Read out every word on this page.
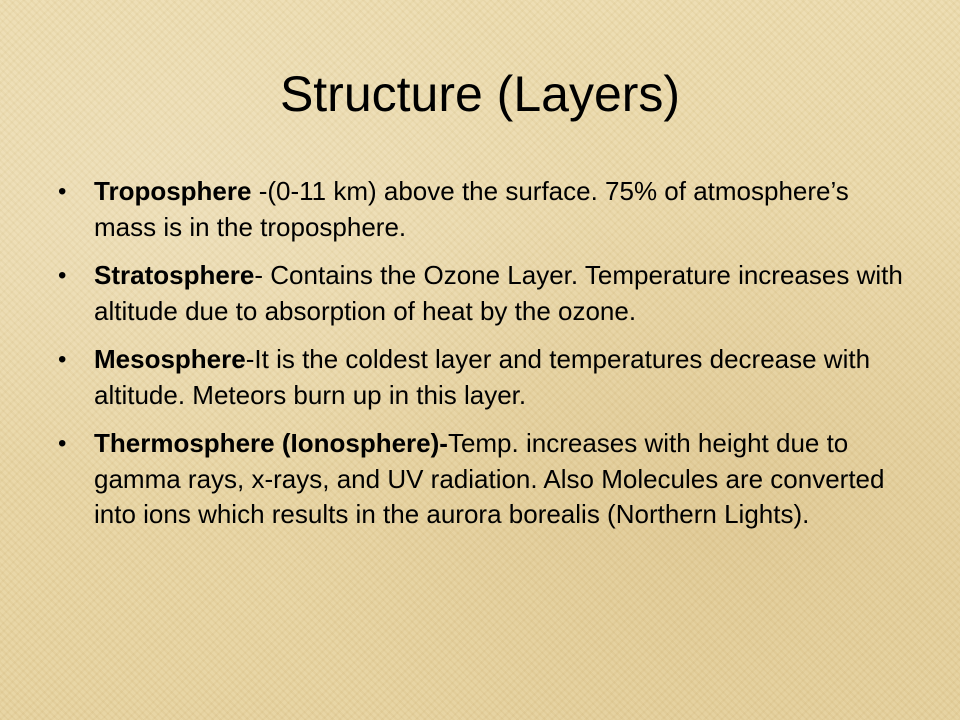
Structure (Layers)
•	Troposphere -(0-11 km) above the surface. 75% of atmosphere’s mass is in the troposphere.
•	Stratosphere- Contains the Ozone Layer. Temperature increases with altitude due to absorption of heat by the ozone.
•	Mesosphere-It is the coldest layer and temperatures decrease with altitude. Meteors burn up in this layer.
•	Thermosphere (Ionosphere)-Temp. increases with height due to gamma rays, x-rays, and UV radiation. Also Molecules are converted into ions which results in the aurora borealis (Northern Lights).
